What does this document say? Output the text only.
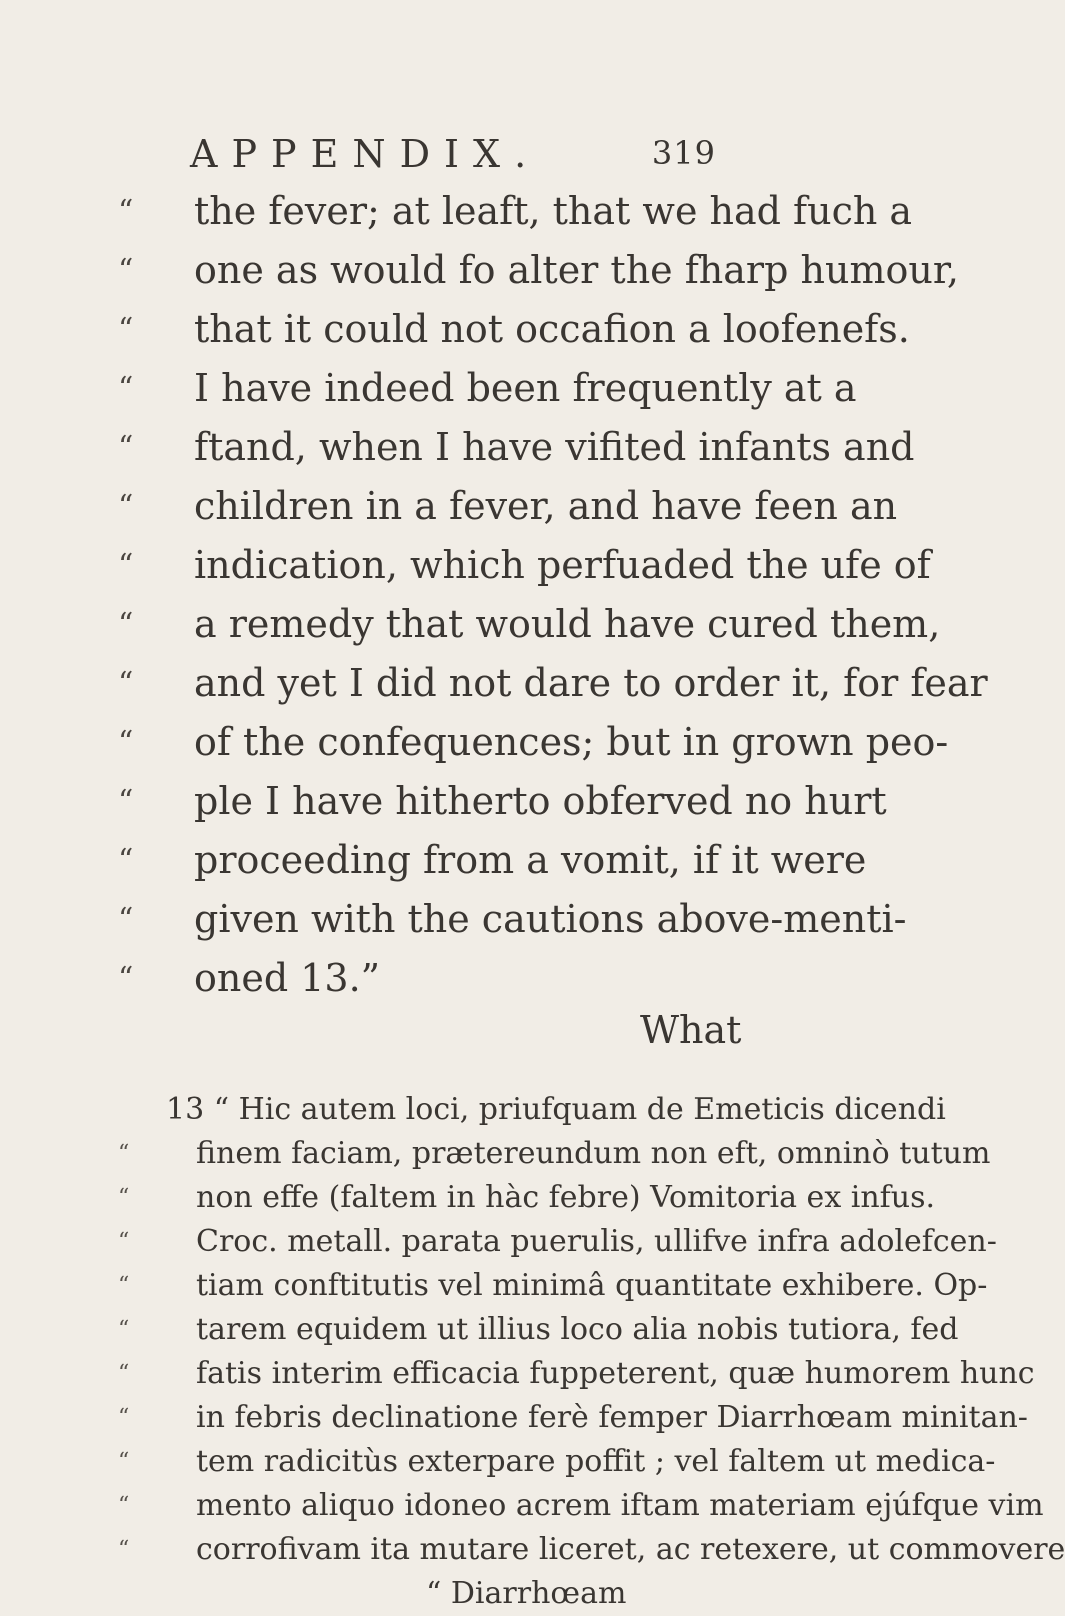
APPENDIX.	319
“	the fever; at leaft, that we had fuch a
“	one as would fo alter the fharp humour,
“	that it could not occafion a loofenefs.
“	I have indeed been frequently at a
“	ftand, when I have vifited infants and
“	children in a fever, and have feen an
“	indication, which perfuaded the ufe of
“	a remedy that would have cured them,
“	and yet I did not dare to order it, for fear
“	of the confequences; but in grown peo-
“	ple I have hitherto obferved no hurt
“	proceeding from a vomit, if it were
“	given with the cautions above-menti-
“	oned 13.”
What
13 “ Hic autem loci, priufquam de Emeticis dicendi
“	finem faciam, prætereundum non eft, omninò tutum
“	non effe (faltem in hàc febre) Vomitoria ex infus.
“	Croc. metall. parata puerulis, ullifve infra adolefcen-
“	tiam conftitutis vel minimâ quantitate exhibere. Op-
“	tarem equidem ut illius loco alia nobis tutiora, fed
“	fatis interim efficacia fuppeterent, quæ humorem hunc
“	in febris declinatione ferè femper Diarrhœam minitan-
“	tem radicitùs exterpare poffit ; vel faltem ut medica-
“	mento aliquo idoneo acrem iftam materiam ejúfque vim
“	corrofivam ita mutare liceret, ac retexere, ut commovere
“ Diarrhœam
